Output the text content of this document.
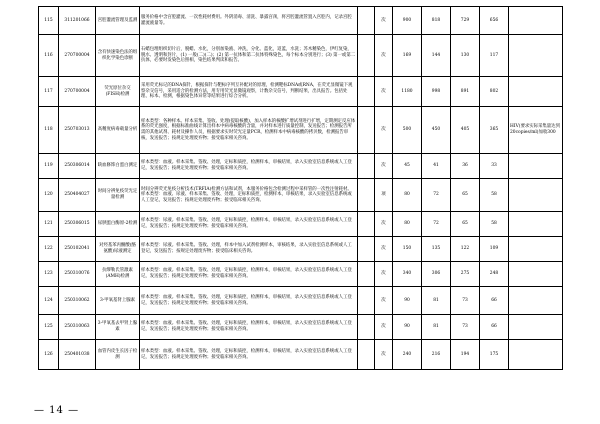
115	311201066	宫腔灌流管理及监测	服务价格中含宫腔灌流、一次性耗材费用。外阴消毒、清洗、暴露宫颈，将宫腔灌流管置入宫腔内，记录宫腔灌流液量等。		次	900	818	729	656	
116	270700004	含有快速染色法的组织化学染色诊断	石蜡包埋组织切片后，脱蜡、水化，分别加染液、冲洗，分化、蓝化，返蓝，水洗；苏木精染色，伊红复染，脱水、透明和封片，(1) 一般(二)(二)；(2) 第一抗体和第二抗体特殊染色，每个标本分别进行；(3) 第一或第二抗体，必要时发染色后照相，染色结果判读和报告。		次	169	144	130	117	
117	270700004	荧光原位杂交(FISH)检测	采用荧光标记的DNA探针，根据探针与靶标序列互补配对的原理，检测靶标DNA或RNA，在荧光显微镜下观察杂交信号，采用适合的检测方法，用专用荧光显微镜观察，计数杂交信号，判断结果，出具报告。包括处理、标本、检测，根据染色体异常等结果进行综合分析。		次	1180	998	891	802	
118	250703013	高精度病毒载量分析	样本类型：各种样本。样本采集、签收、处理(提取核酸)，加入样本的核酸扩增试剂进行扩增，定期测定反应体系的荧光强度，根据标准曲线计算出样本中病毒核酸的含量，并对样本进行质量控制，发送报告；检测报告所需的其他试剂、耗材及操作人员，根据要求实时荧光定量PCR，检测样本中病毒核酸的拷贝数，检测报告审核，发送报告；按规定处理废弃物；接受临床相关咨询。		次	500	450	405	365	HIV(要求实际采集量达到20copies/ml)加收300
119	250306014	缺血修饰白蛋白测定	样本类型：血液。样本采集、签收、处理，定标和质控，检测样本，审核结果，录入实验室信息系统或人工登记，发送报告；按规定处理废弃物；接受临床相关咨询。		次	45	41	36	33	
120	250404027	时间分辨免疫荧光定量检测	时间分辨荧光免疫分析技术(TRFIA)检测方法和试剂，本服务价格包含检测过程中采样管的一次性注射耗材。样本类型：血液、尿液、样本采集、签收、处理，定标和质控，检测样本，审核结果，录入实验室信息系统或人工登记，发送报告；按规定处理废弃物；接受临床相关咨询。		项	80	72	65	58	
121	250306015	尿胰蛋白酶原-2检测	样本类型：尿液。样本采集、签收、处理，定标和质控，检测样本，审核结果，录入实验室信息系统或人工登记，发送报告；按规定处理废弃物；接受临床相关咨询。		次	80	72	65	58	
122	250102041	对羟基苯丙酮酸(酪氨酸)尿液测定	样本类型：尿液。样本采集、签收、处理，样本中加入试剂检测样本，审核结果，录入实验室信息系统或人工登记，发送报告；按规定处理废弃物；接受临床相关咨询。		次	150	135	122	109	
123	250310076	抗缪勒氏管激素(AMH)检测	样本类型：血液。样本采集、签收、处理，定标和质控，检测样本，审核结果，录入实验室信息系统或人工登记，发送报告；按规定处理废弃物；接受临床相关咨询。		次	340	306	275	248	
124	250310062	3-甲氧基肾上腺素	样本类型：血液。样本采集、签收、处理，定标和质控，检测样本，审核结果，录入实验室信息系统或人工登记，发送报告；按规定处理废弃物；接受临床相关咨询。		次	90	81	73	66	
125	250310063	3-甲氧基去甲肾上腺素	样本类型：血液。样本采集、签收、处理，定标和质控，检测样本，审核结果，录入实验室信息系统或人工登记，发送报告；按规定处理废弃物；接受临床相关咨询。		次	90	81	73	66	
126	250401038	血管内皮生长因子检测	样本类型：血液。样本采集、签收、处理，定标和质控，检测样本，审核结果，录入实验室信息系统或人工登记，发送报告；按规定处理废弃物；接受临床相关咨询。		次	240	216	194	175	
— 14 —
